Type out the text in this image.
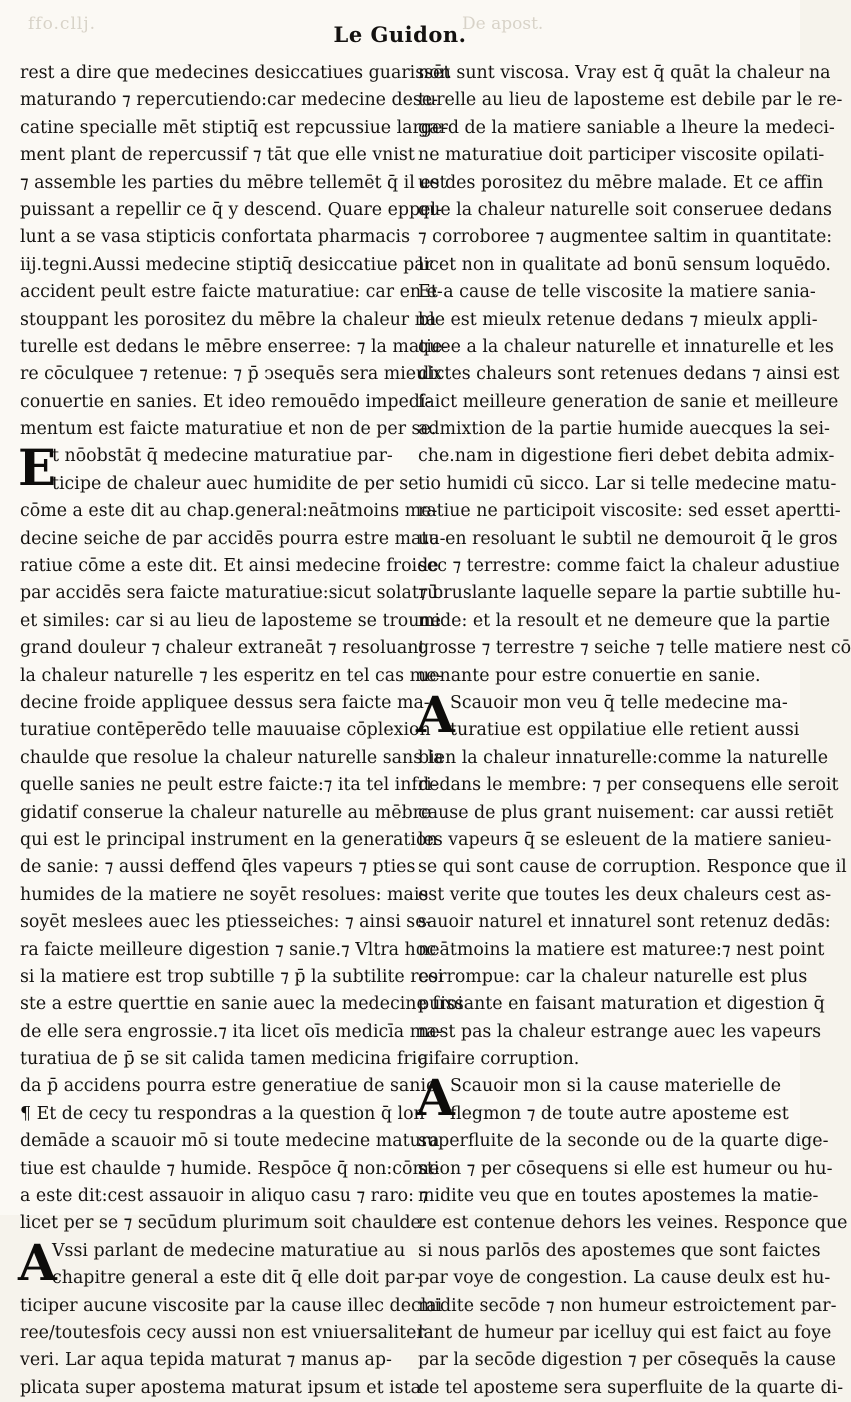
ffo.cllj.	De apost.
Le Guidon.
rest a dire que medecines desiccatiues guarissēt
maturando ⁊ repercutiendo:car medecine dese-
catine specialle mēt stiptiq̄ est repcussiue large-
ment plant de repercussif ⁊ tāt que elle vnist
⁊ assemble les parties du mēbre tellemēt q̄ il est
puissant a repellir ce q̄ y descend. Quare eppel-
lunt a se vasa stipticis confortata pharmacis
iij.tegni.Aussi medecine stiptiq̄ desiccatiue par
accident peult estre faicte maturatiue: car en e-
stouppant les porositez du mēbre la chaleur na
turelle est dedans le mēbre enserree: ⁊ la matie-
re cōculquee ⁊ retenue: ⁊ p̄ ↄsequēs sera mieulx
conuertie en sanies. Et ideo remouēdo impedi-
mentum est faicte maturatiue et non de per se.
E
t nōobstāt q̄ medecine maturatiue par-
ticipe de chaleur auec humidite de per se
cōme a este dit au chap.general:neātmoins me-
decine seiche de par accidēs pourra estre matu-
ratiue cōme a este dit. Et ainsi medecine froide
par accidēs sera faicte maturatiue:sicut solatrū
et similes: car si au lieu de laposteme se troune
grand douleur ⁊ chaleur extraneāt ⁊ resoluant
la chaleur naturelle ⁊ les esperitz en tel cas me-
decine froide appliquee dessus sera faicte ma-
turatiue contēperēdo telle mauuaise cōplexion
chaulde que resolue la chaleur naturelle sans la
quelle sanies ne peult estre faicte:⁊ ita tel infri-
gidatif conserue la chaleur naturelle au mēbre
qui est le principal instrument en la generation
de sanie: ⁊ aussi deffend q̄les vapeurs ⁊ pties
humides de la matiere ne soyēt resolues: mais
soyēt meslees auec les ptiesseiches: ⁊ ainsi se-
ra faicte meilleure digestion ⁊ sanie.⁊ Vltra hoc
si la matiere est trop subtille ⁊ p̄ la subtilite resi
ste a estre querttie en sanie auec la medecine froi
de elle sera engrossie.⁊ ita licet oīs medicīa ma-
turatiua de p̄ se sit calida tamen medicina frigi
da p̄ accidens pourra estre generatiue de sanie.
¶ Et de cecy tu respondras a la question q̄ lon
demāde a scauoir mō si toute medecine matura
tiue est chaulde ⁊ humide. Respōce q̄ non:cōme
a este dit:cest assauoir in aliquo casu ⁊ raro: ⁊
licet per se ⁊ secūdum plurimum soit chaulde.
A
Vssi parlant de medecine maturatiue au
chapitre general a este dit q̄ elle doit par-
ticiper aucune viscosite par la cause illec declai
ree/toutesfois cecy aussi non est vniuersaliter
veri. Lar aqua tepida maturat ⁊ manus ap-
plicata super apostema maturat ipsum et ista
non sunt viscosa. Vray est q̄ quāt la chaleur na
turelle au lieu de laposteme est debile par le re-
gard de la matiere saniable a lheure la medeci-
ne maturatiue doit participer viscosite opilati-
ue des porositez du mēbre malade. Et ce affin
que la chaleur naturelle soit conseruee dedans
⁊ corroboree ⁊ augmentee saltim in quantitate:
licet non in qualitate ad bonū sensum loquēdo.
Et a cause de telle viscosite la matiere sania-
ble est mieulx retenue dedans ⁊ mieulx appli-
quee a la chaleur naturelle et innaturelle et les
dictes chaleurs sont retenues dedans ⁊ ainsi est
faict meilleure generation de sanie et meilleure
admixtion de la partie humide auecques la sei-
che.nam in digestione fieri debet debita admix-
tio humidi cū sicco. Lar si telle medecine matu-
ratiue ne participoit viscosite: sed esset apertti-
ua en resoluant le subtil ne demouroit q̄ le gros
sec ⁊ terrestre: comme faict la chaleur adustiue
⁊ bruslante laquelle separe la partie subtille hu-
mide: et la resoult et ne demeure que la partie
grosse ⁊ terrestre ⁊ seiche ⁊ telle matiere nest cō
uenante pour estre conuertie en sanie.
A
Scauoir mon veu q̄ telle medecine ma-
turatiue est oppilatiue elle retient aussi
bien la chaleur innaturelle:comme la naturelle
dedans le membre: ⁊ per consequens elle seroit
cause de plus grant nuisement: car aussi retiēt
les vapeurs q̄ se esleuent de la matiere sanieu-
se qui sont cause de corruption. Responce que il
est verite que toutes les deux chaleurs cest as-
sauoir naturel et innaturel sont retenuz dedās:
neātmoins la matiere est maturee:⁊ nest point
corrompue: car la chaleur naturelle est plus
puissante en faisant maturation et digestion q̄
nest pas la chaleur estrange auec les vapeurs
a faire corruption.
A
Scauoir mon si la cause materielle de
flegmon ⁊ de toute autre aposteme est
superfluite de la seconde ou de la quarte dige-
stion ⁊ per cōsequens si elle est humeur ou hu-
midite veu que en toutes apostemes la matie-
re est contenue dehors les veines. Responce que
si nous parlōs des apostemes que sont faictes
par voye de congestion. La cause deulx est hu-
midite secōde ⁊ non humeur estroictement par-
lant de humeur par icelluy qui est faict au foye
par la secōde digestion ⁊ per cōsequēs la cause
de tel aposteme sera superfluite de la quarte di-
